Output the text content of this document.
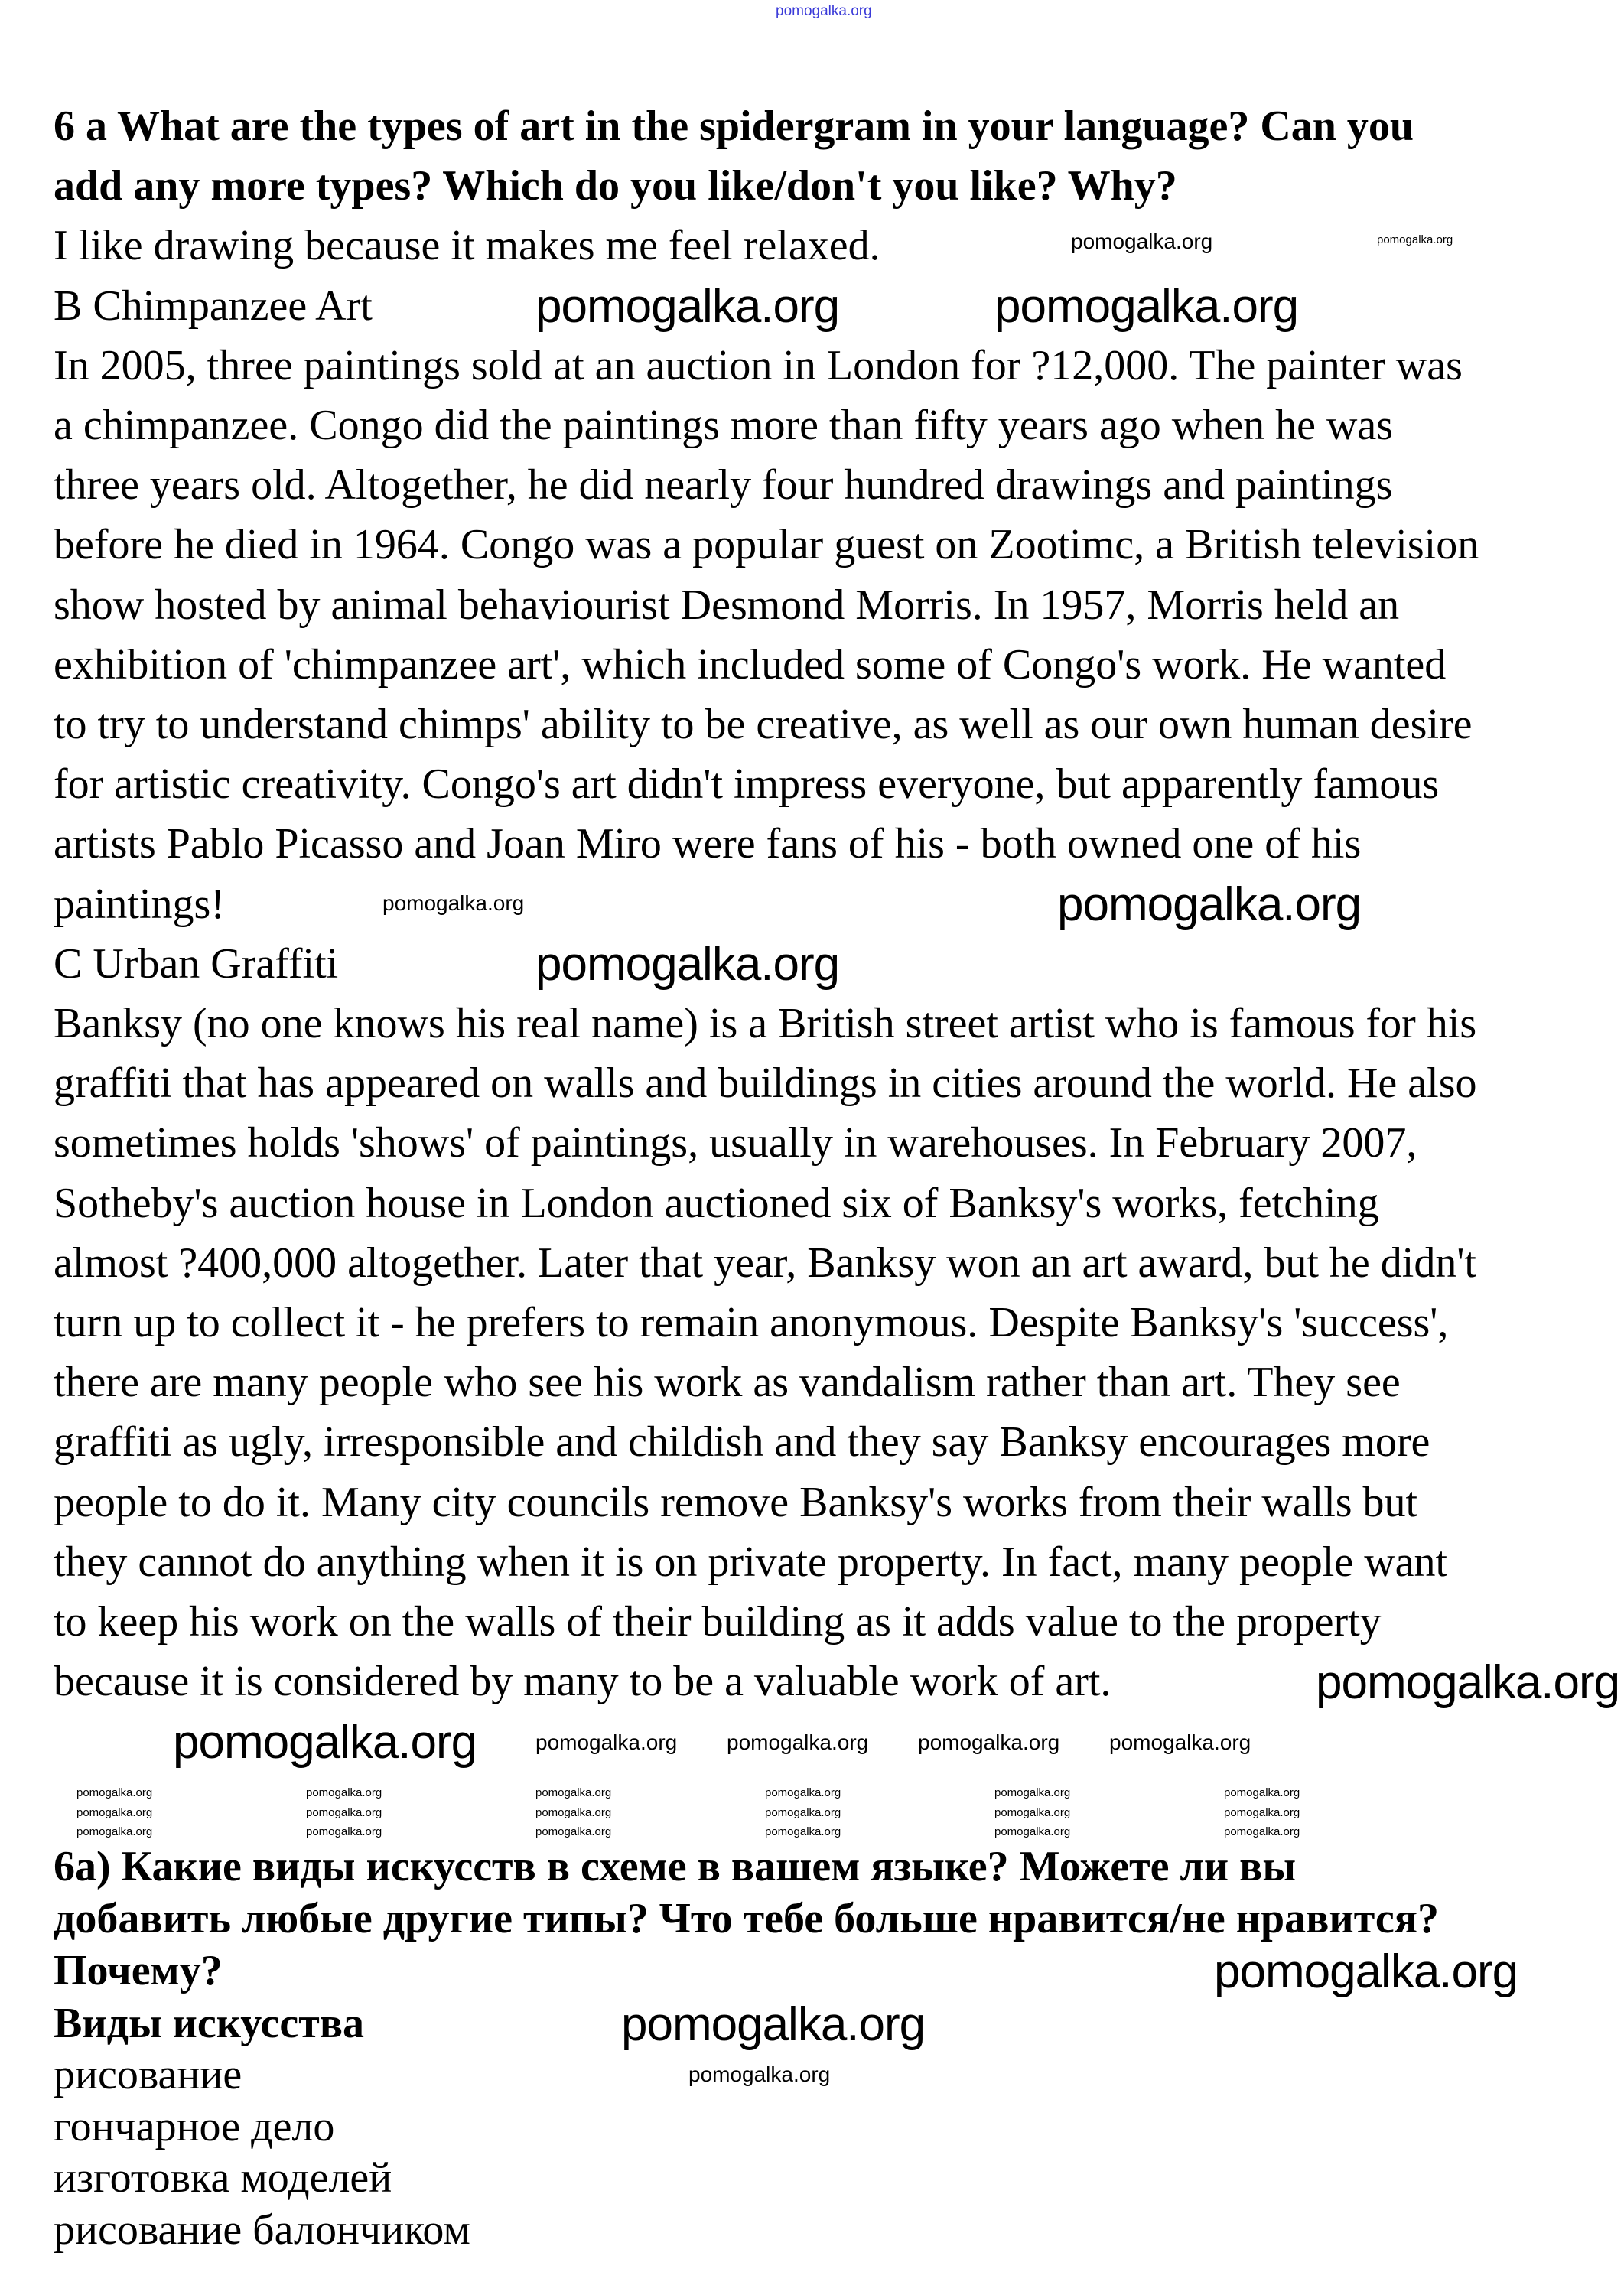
pomogalka.org
6 a What are the types of art in the spidergram in your language? Can you
add any more types? Which do you like/don't you like? Why?
I like drawing because it makes me feel relaxed.
B Chimpanzee Art
In 2005, three paintings sold at an auction in London for ?12,000. The painter was
a chimpanzee. Congo did the paintings more than fifty years ago when he was
three years old. Altogether, he did nearly four hundred drawings and paintings
before he died in 1964. Congo was a popular guest on Zootimc, a British television
show hosted by animal behaviourist Desmond Morris. In 1957, Morris held an
exhibition of 'chimpanzee art', which included some of Congo's work. He wanted
to try to understand chimps' ability to be creative, as well as our own human desire
for artistic creativity. Congo's art didn't impress everyone, but apparently famous
artists Pablo Picasso and Joan Miro were fans of his - both owned one of his
paintings!
C Urban Graffiti
Banksy (no one knows his real name) is a British street artist who is famous for his
graffiti that has appeared on walls and buildings in cities around the world. He also
sometimes holds 'shows' of paintings, usually in warehouses. In February 2007,
Sotheby's auction house in London auctioned six of Banksy's works, fetching
almost ?400,000 altogether. Later that year, Banksy won an art award, but he didn't
turn up to collect it - he prefers to remain anonymous. Despite Banksy's 'success',
there are many people who see his work as vandalism rather than art. They see
graffiti as ugly, irresponsible and childish and they say Banksy encourages more
people to do it. Many city councils remove Banksy's works from their walls but
they cannot do anything when it is on private property. In fact, many people want
to keep his work on the walls of their building as it adds value to the property
because it is considered by many to be a valuable work of art.
6а) Какие виды искусств в схеме в вашем языке? Можете ли вы
добавить любые другие типы? Что тебе больше нравится/не нравится?
Почему?
Виды искусства
рисование
гончарное дело
изготовка моделей
рисование балончиком
pomogalka.org	pomogalka.org
pomogalka.org
pomogalka.org
pomogalka.org
pomogalka.org
pomogalka.org
pomogalka.org
pomogalka.org
pomogalka.org
pomogalka.org pomogalka.org pomogalka.org pomogalka.org
pomogalka.org
pomogalka.org
pomogalka.org	pomogalka.org	pomogalka.org	pomogalka.org	pomogalka.org	pomogalka.org
pomogalka.org	pomogalka.org	pomogalka.org	pomogalka.org	pomogalka.org	pomogalka.org
pomogalka.org	pomogalka.org	pomogalka.org	pomogalka.org	pomogalka.org	pomogalka.org
